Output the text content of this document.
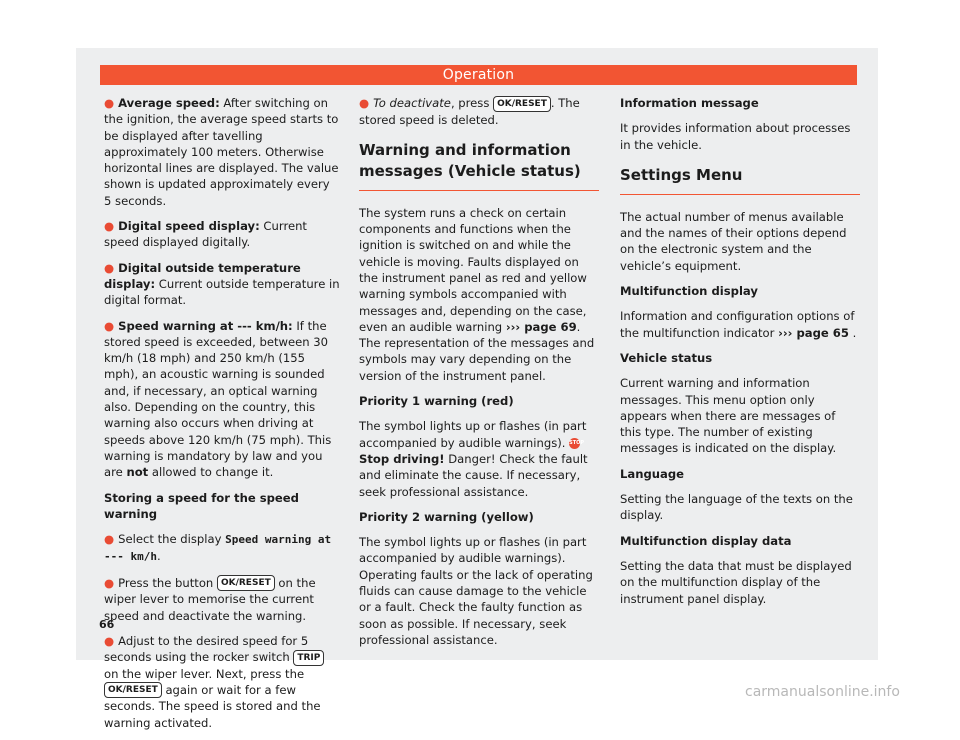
Operation

● Average speed: After switching on the ignition, the average speed starts to be displayed after tavelling approximately 100 meters. Otherwise horizontal lines are displayed. The value shown is updated approximately every 5 seconds.

● Digital speed display: Current speed displayed digitally.

● Digital outside temperature display: Current outside temperature in digital format.

● Speed warning at --- km/h: If the stored speed is exceeded, between 30 km/h (18 mph) and 250 km/h (155 mph), an acoustic warning is sounded and, if necessary, an optical warning also. Depending on the country, this warning also occurs when driving at speeds above 120 km/h (75 mph). This warning is mandatory by law and you are not allowed to change it.

Storing a speed for the speed warning

● Select the display Speed warning at --- km/h.

● Press the button OK/RESET on the wiper lever to memorise the current speed and deactivate the warning.

● Adjust to the desired speed for 5 seconds using the rocker switch TRIP on the wiper lever. Next, press the OK/RESET again or wait for a few seconds. The speed is stored and the warning activated.

● To deactivate, press OK/RESET . The stored speed is deleted.

Warning and information messages (Vehicle status)

The system runs a check on certain components and functions when the ignition is switched on and while the vehicle is moving. Faults displayed on the instrument panel as red and yellow warning symbols accompanied with messages and, depending on the case, even an audible warning ››› page 69. The representation of the messages and symbols may vary depending on the version of the instrument panel.

Priority 1 warning (red)

The symbol lights up or flashes (in part accompanied by audible warnings). STOP Stop driving! Danger! Check the fault and eliminate the cause. If necessary, seek professional assistance.

Priority 2 warning (yellow)

The symbol lights up or flashes (in part accompanied by audible warnings). Operating faults or the lack of operating fluids can cause damage to the vehicle or a fault. Check the faulty function as soon as possible. If necessary, seek professional assistance.

Information message

It provides information about processes in the vehicle.

Settings Menu

The actual number of menus available and the names of their options depend on the electronic system and the vehicle’s equipment.

Multifunction display

Information and configuration options of the multifunction indicator ››› page 65 .

Vehicle status

Current warning and information messages. This menu option only appears when there are messages of this type. The number of existing messages is indicated on the display.

Language

Setting the language of the texts on the display.

Multifunction display data

Setting the data that must be displayed on the multifunction display of the instrument panel display.

66
carmanualsonline.info
